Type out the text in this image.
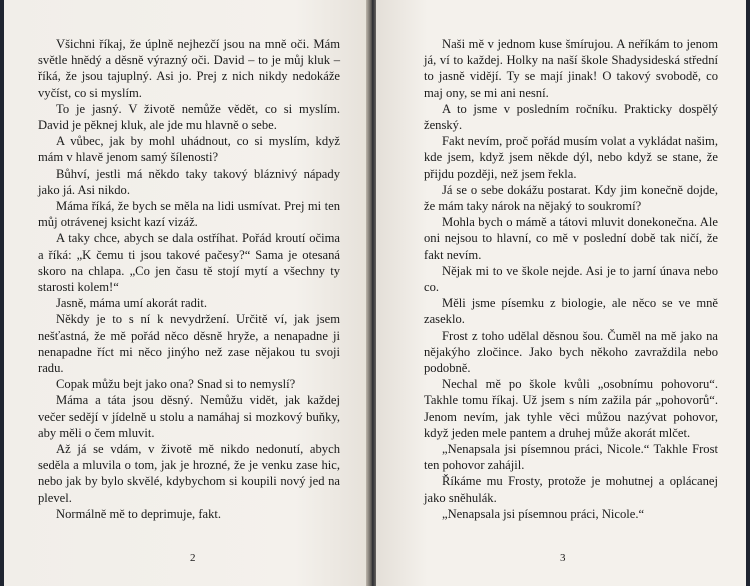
Všichni říkaj, že úplně nejhezčí jsou na mně oči. Mám světle hnědý a děsně výrazný oči. David – to je můj kluk – říká, že jsou tajuplný. Asi jo. Prej z nich nikdy nedokáže vyčíst, co si myslím.

To je jasný. V životě nemůže vědět, co si myslím. David je pěknej kluk, ale jde mu hlavně o sebe.

A vůbec, jak by mohl uhádnout, co si myslím, když mám v hlavě jenom samý šílenosti?

Bůhví, jestli má někdo taky takový bláznivý nápady jako já. Asi nikdo.

Máma říká, že bych se měla na lidi usmívat. Prej mi ten můj otrávenej ksicht kazí vizáž.

A taky chce, abych se dala ostříhat. Pořád kroutí očima a říká: „K čemu ti jsou takové pačesy?“ Sama je otesaná skoro na chlapa. „Co jen času tě stojí mytí a všechny ty starosti kolem!“

Jasně, máma umí akorát radit.

Někdy je to s ní k nevydržení. Určitě ví, jak jsem nešťastná, že mě pořád něco děsně hryže, a nenapadne ji nenapadne říct mi něco jinýho než zase nějakou tu svoji radu.

Copak můžu bejt jako ona? Snad si to nemyslí?

Máma a táta jsou děsný. Nemůžu vidět, jak každej večer sedějí v jídelně u stolu a namáhaj si mozkový buňky, aby měli o čem mluvit.

Až já se vdám, v životě mě nikdo nedonutí, abych seděla a mluvila o tom, jak je hrozné, že je venku zase hic, nebo jak by bylo skvělé, kdybychom si koupili nový jed na plevel.

Normálně mě to deprimuje, fakt.

2

Naši mě v jednom kuse šmírujou. A neříkám to jenom já, ví to každej. Holky na naší škole Shadysideská střední to jasně vidějí. Ty se mají jinak! O takový svobodě, co maj ony, se mi ani nesní.

A to jsme v posledním ročníku. Prakticky dospělý ženský.

Fakt nevím, proč pořád musím volat a vykládat našim, kde jsem, když jsem někde dýl, nebo když se stane, že přijdu později, než jsem řekla.

Já se o sebe dokážu postarat. Kdy jim konečně dojde, že mám taky nárok na nějaký to soukromí?

Mohla bych o mámě a tátovi mluvit donekonečna. Ale oni nejsou to hlavní, co mě v poslední době tak ničí, že fakt nevím.

Nějak mi to ve škole nejde. Asi je to jarní únava nebo co.

Měli jsme písemku z biologie, ale něco se ve mně zaseklo.

Frost z toho udělal děsnou šou. Čuměl na mě jako na nějakýho zločince. Jako bych někoho zavraždila nebo podobně.

Nechal mě po škole kvůli „osobnímu pohovoru“. Takhle tomu říkaj. Už jsem s ním zažila pár „pohovorů“. Jenom nevím, jak tyhle věci můžou nazývat pohovor, když jeden mele pantem a druhej může akorát mlčet.

„Nenapsala jsi písemnou práci, Nicole.“ Takhle Frost ten pohovor zahájil.

Říkáme mu Frosty, protože je mohutnej a oplácanej jako sněhulák.

„Nenapsala jsi písemnou práci, Nicole.“

3
